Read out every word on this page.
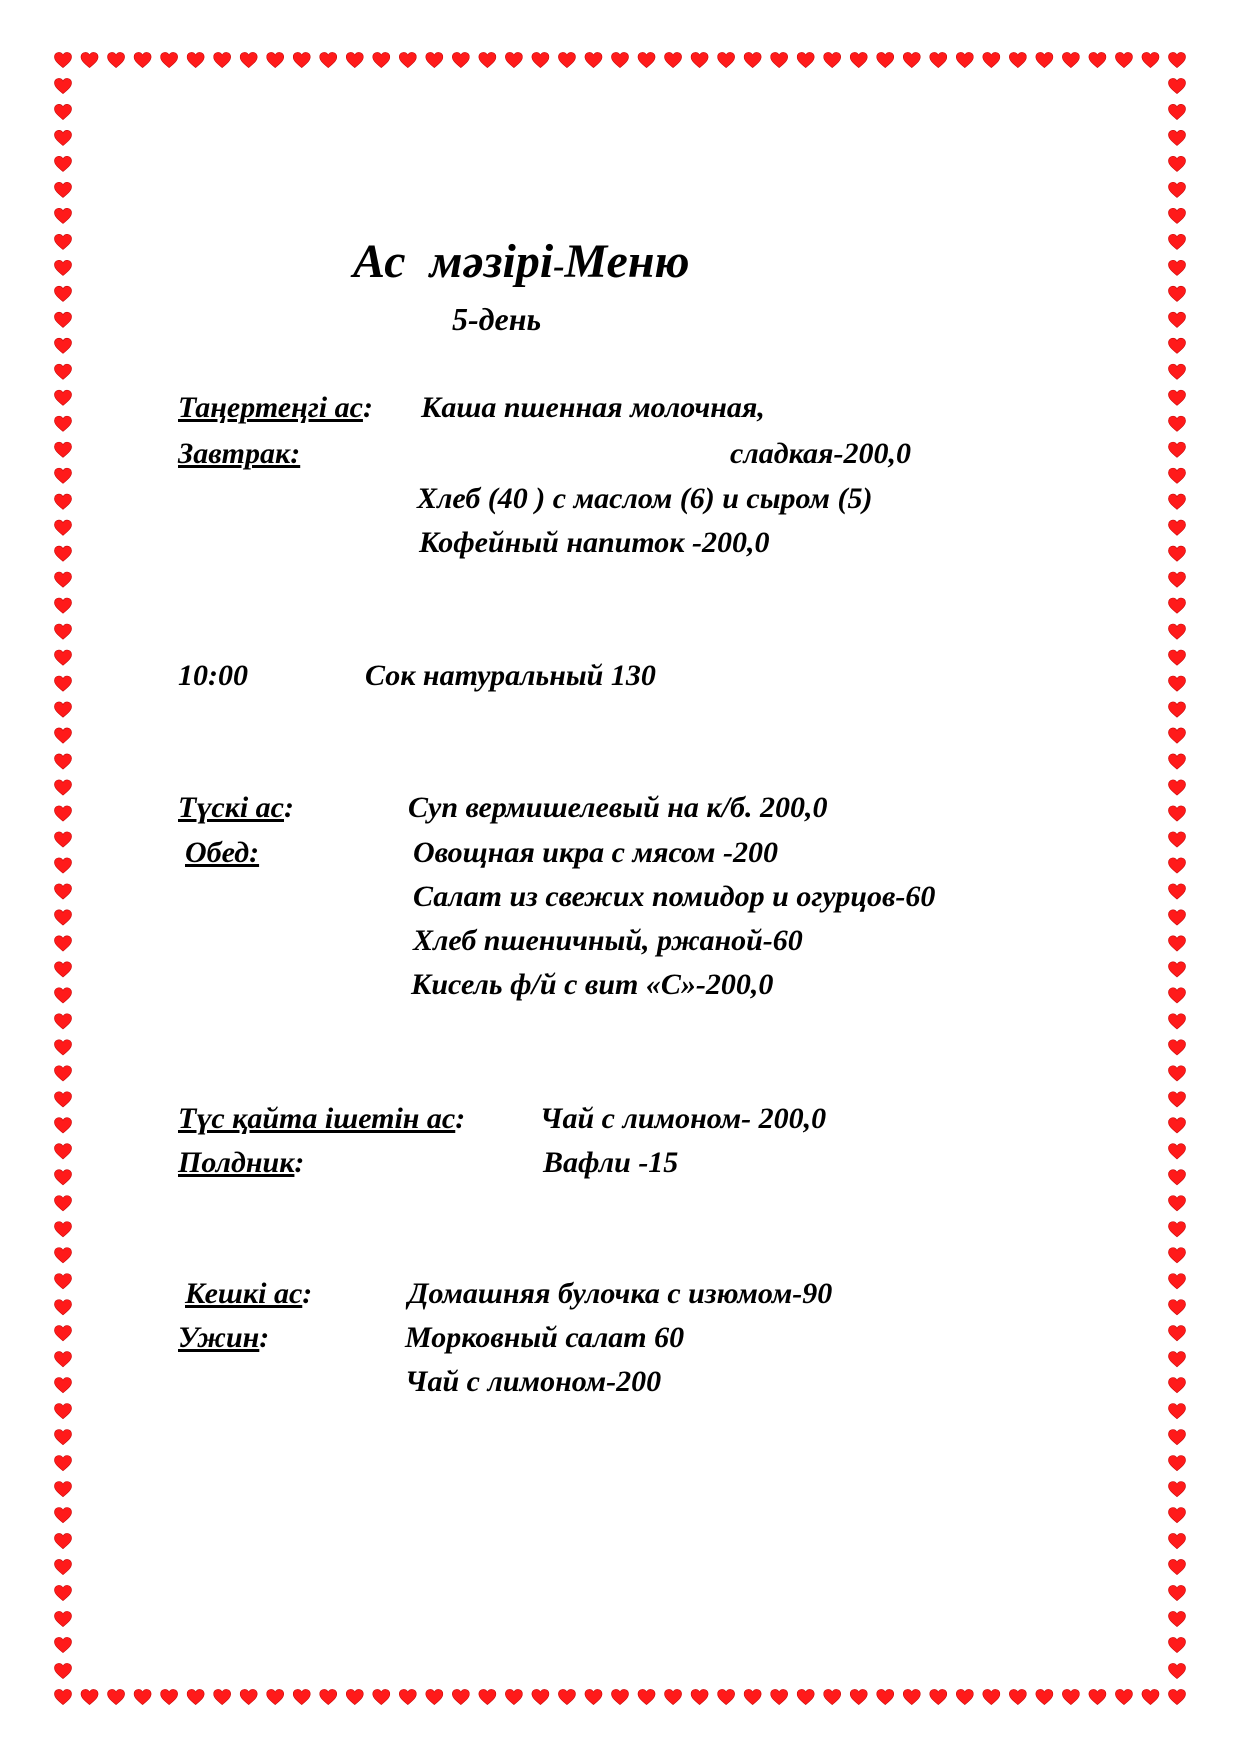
Ас мәзірі-Меню
5-день
Таңертеңгі ас:
Завтрак:
Каша пшенная молочная,
сладкая-200,0
Хлеб (40 ) с маслом (6) и сыром (5)
Кофейный напиток -200,0
10:00	Сок натуральный 130
Түскі ас:
Обед:
Суп вермишелевый на к/б. 200,0
Овощная икра с мясом -200
Салат из свежих помидор и огурцов-60
Хлеб пшеничный, ржаной-60
Кисель ф/й с вит «С»-200,0
Түс қайта ішетін ас:
Полдник:
Чай с лимоном- 200,0
Вафли -15
Кешкі ас:
Ужин:
Домашняя булочка с изюмом-90
Морковный салат 60
Чай с лимоном-200
